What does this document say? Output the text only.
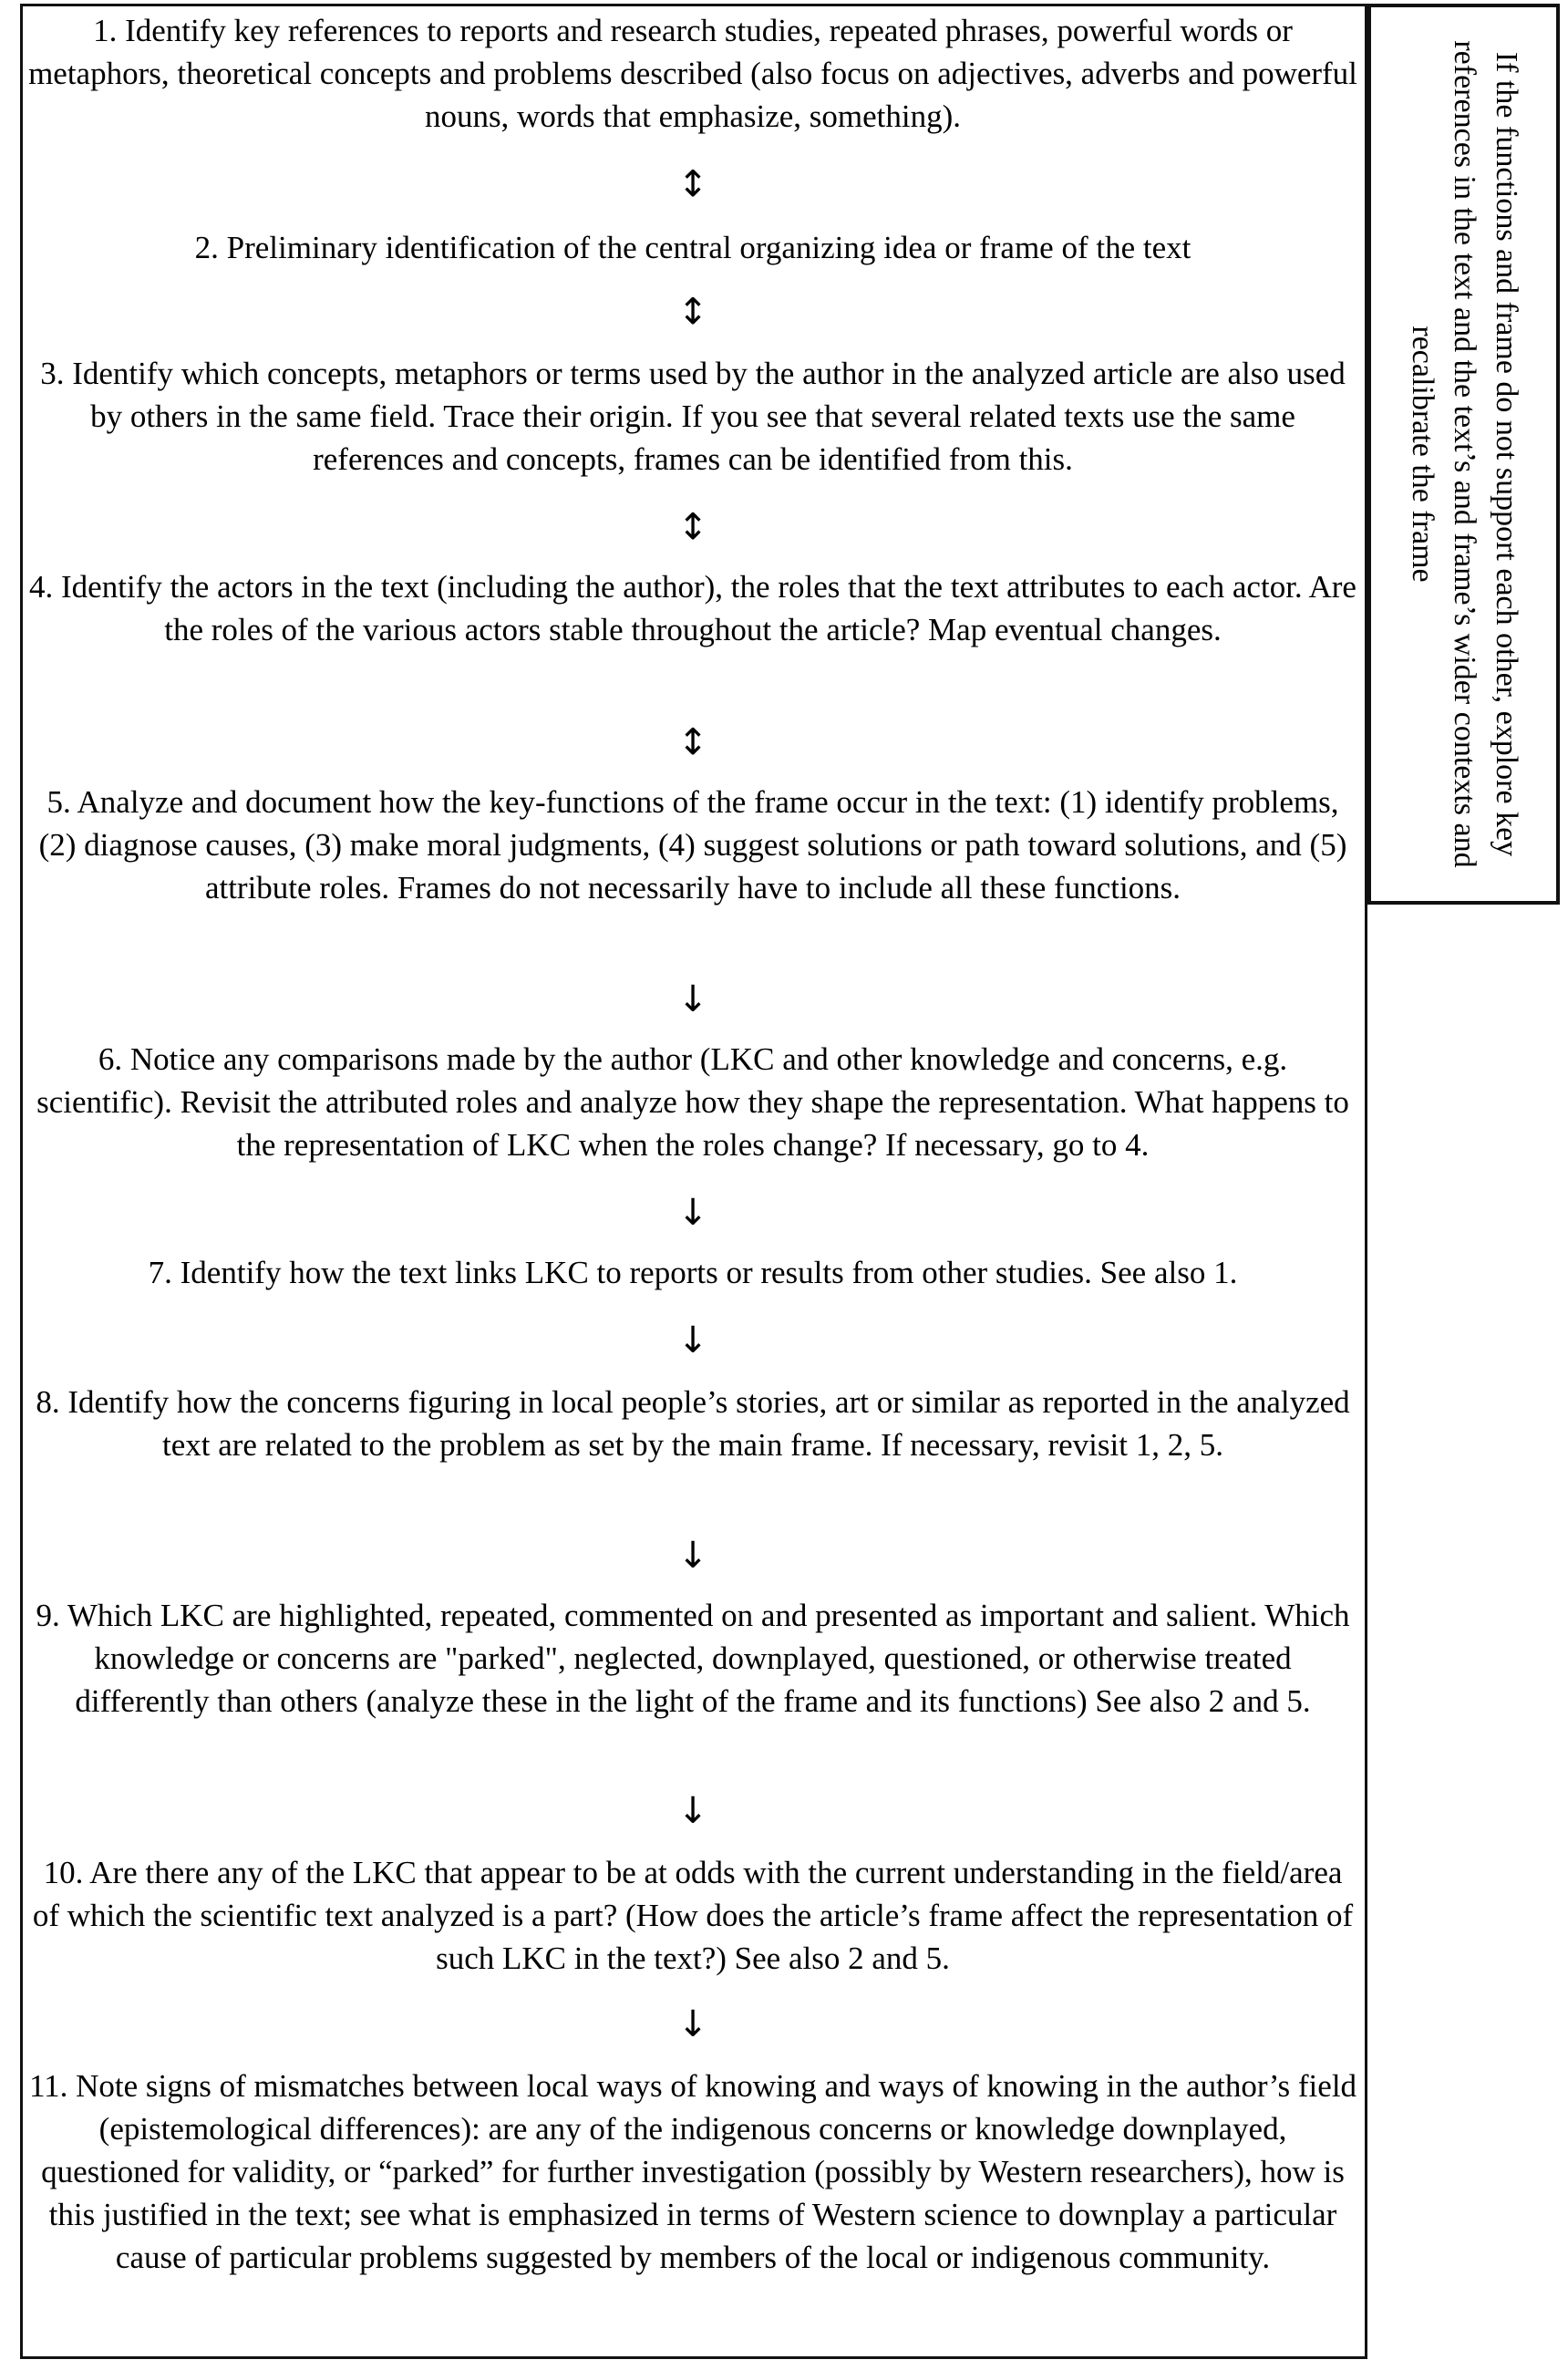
1. Identify key references to reports and research studies, repeated phrases, powerful words or metaphors, theoretical concepts and problems described (also focus on adjectives, adverbs and powerful nouns, words that emphasize, something).

↕

2. Preliminary identification of the central organizing idea or frame of the text

↕

3. Identify which concepts, metaphors or terms used by the author in the analyzed article are also used by others in the same field. Trace their origin. If you see that several related texts use the same references and concepts, frames can be identified from this.

↕

4. Identify the actors in the text (including the author), the roles that the text attributes to each actor. Are the roles of the various actors stable throughout the article? Map eventual changes.

↕

5. Analyze and document how the key-functions of the frame occur in the text: (1) identify problems, (2) diagnose causes, (3) make moral judgments, (4) suggest solutions or path toward solutions, and (5) attribute roles. Frames do not necessarily have to include all these functions.

↓

6. Notice any comparisons made by the author (LKC and other knowledge and concerns, e.g. scientific). Revisit the attributed roles and analyze how they shape the representation. What happens to the representation of LKC when the roles change? If necessary, go to 4.

↓

7. Identify how the text links LKC to reports or results from other studies. See also 1.

↓

8. Identify how the concerns figuring in local people’s stories, art or similar as reported in the analyzed text are related to the problem as set by the main frame. If necessary, revisit 1, 2, 5.

↓

9. Which LKC are highlighted, repeated, commented on and presented as important and salient. Which knowledge or concerns are "parked", neglected, downplayed, questioned, or otherwise treated differently than others (analyze these in the light of the frame and its functions) See also 2 and 5.

↓

10. Are there any of the LKC that appear to be at odds with the current understanding in the field/area of which the scientific text analyzed is a part? (How does the article’s frame affect the representation of such LKC in the text?) See also 2 and 5.

↓

11. Note signs of mismatches between local ways of knowing and ways of knowing in the author’s field (epistemological differences): are any of the indigenous concerns or knowledge downplayed, questioned for validity, or “parked” for further investigation (possibly by Western researchers), how is this justified in the text; see what is emphasized in terms of Western science to downplay a particular cause of particular problems suggested by members of the local or indigenous community.

If the functions and frame do not support each other, explore key references in the text and the text’s and frame’s wider contexts and recalibrate the frame
